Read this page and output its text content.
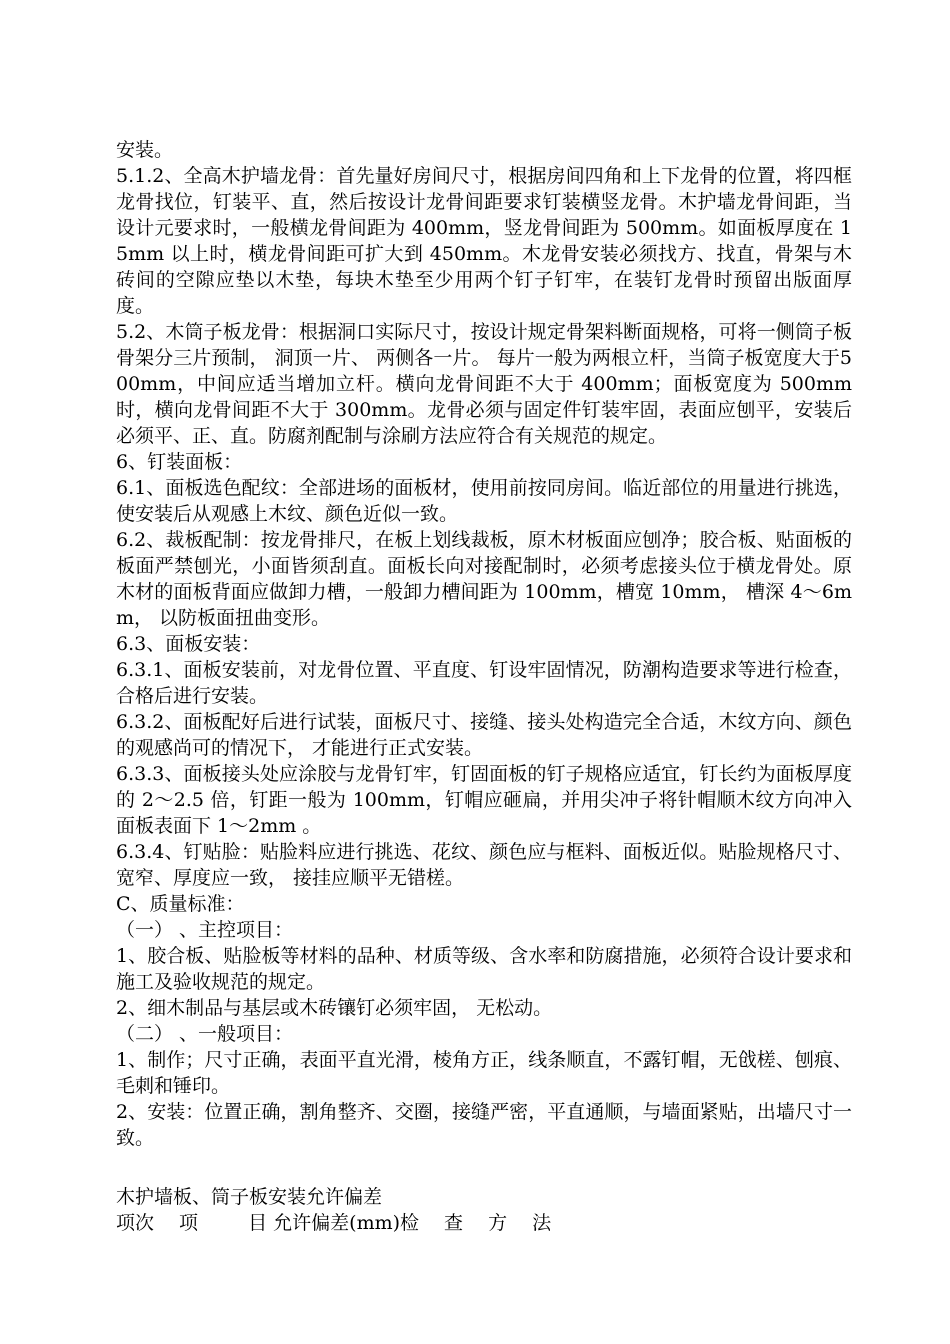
安装。

5.1.2、全高木护墙龙骨：首先量好房间尺寸，根据房间四角和上下龙骨的位置，将四框龙骨找位，钉装平、直，然后按设计龙骨间距要求钉装横竖龙骨。木护墙龙骨间距，当设计元要求时，一般横龙骨间距为 400mm，竖龙骨间距为 500mm。如面板厚度在 15mm 以上时，横龙骨间距可扩大到 450mm。木龙骨安装必须找方、找直，骨架与木砖间的空隙应垫以木垫，每块木垫至少用两个钉子钉牢，在装钉龙骨时预留出版面厚度。

5.2、木筒子板龙骨：根据洞口实际尺寸，按设计规定骨架料断面规格，可将一侧筒子板骨架分三片预制， 洞顶一片、 两侧各一片。 每片一般为两根立杆，当筒子板宽度大于500mm，中间应适当增加立杆。横向龙骨间距不大于 400mm；面板宽度为 500mm 时，横向龙骨间距不大于 300mm。龙骨必须与固定件钉装牢固，表面应刨平，安装后必须平、正、直。防腐剂配制与涂刷方法应符合有关规范的规定。

6、钉装面板：

6.1、面板选色配纹：全部进场的面板材，使用前按同房间。临近部位的用量进行挑选， 使安装后从观感上木纹、颜色近似一致。

6.2、裁板配制：按龙骨排尺，在板上划线裁板，原木材板面应刨净；胶合板、贴面板的板面严禁刨光，小面皆须刮直。面板长向对接配制时，必须考虑接头位于横龙骨处。原木材的面板背面应做卸力槽，一般卸力槽间距为 100mm，槽宽 10mm， 槽深 4～6mm， 以防板面扭曲变形。

6.3、面板安装：

6.3.1、面板安装前，对龙骨位置、平直度、钉设牢固情况，防潮构造要求等进行检查， 合格后进行安装。

6.3.2、面板配好后进行试装，面板尺寸、接缝、接头处构造完全合适，木纹方向、颜色的观感尚可的情况下， 才能进行正式安装。

6.3.3、面板接头处应涂胶与龙骨钉牢，钉固面板的钉子规格应适宜，钉长约为面板厚度的 2～2.5 倍，钉距一般为 100mm，钉帽应砸扁，并用尖冲子将针帽顺木纹方向冲入面板表面下 1～2mm 。

6.3.4、钉贴脸：贴脸料应进行挑选、花纹、颜色应与框料、面板近似。贴脸规格尺寸、宽窄、厚度应一致， 接挂应顺平无错槎。

C、质量标准：

（一） 、主控项目：

1、胶合板、贴脸板等材料的品种、材质等级、含水率和防腐措施，必须符合设计要求和施工及验收规范的规定。

2、细木制品与基层或木砖镶钉必须牢固， 无松动。

（二） 、一般项目：

1、制作；尺寸正确，表面平直光滑，棱角方正，线条顺直，不露钉帽，无戗槎、刨痕、毛刺和锤印。

2、安装：位置正确，割角整齐、交圈，接缝严密，平直通顺，与墙面紧贴，出墙尺寸一致。

木护墙板、筒子板安装允许偏差

项次　 项　 　 目 允许偏差(mm)检　 查　 方　 法
